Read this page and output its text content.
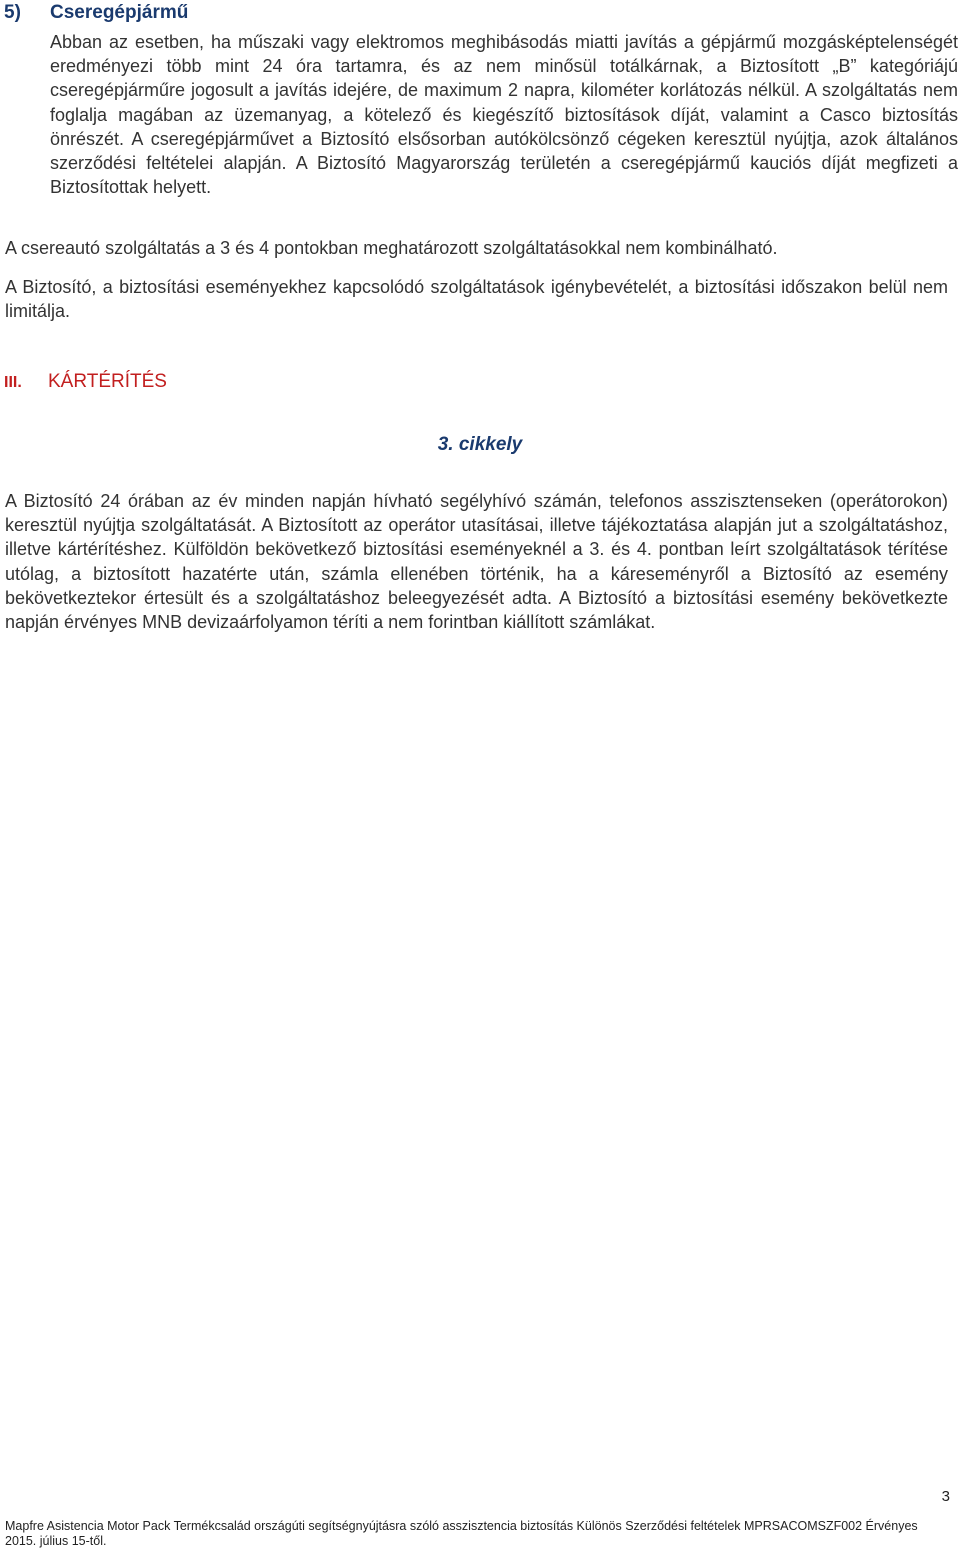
5) Cseregépjármű
Abban az esetben, ha műszaki vagy elektromos meghibásodás miatti javítás a gépjármű mozgásképtelenségét eredményezi több mint 24 óra tartamra, és az nem minősül totálkárnak, a Biztosított „B” kategóriájú cseregépjárműre jogosult a javítás idejére, de maximum 2 napra, kilométer korlátozás nélkül. A szolgáltatás nem foglalja magában az üzemanyag, a kötelező és kiegészítő biztosítások díját, valamint a Casco biztosítás önrészét. A cseregépjárművet a Biztosító elsősorban autókölcsönző cégeken keresztül nyújtja, azok általános szerződési feltételei alapján. A Biztosító Magyarország területén a cseregépjármű kauciós díját megfizeti a Biztosítottak helyett.
A csereautó szolgáltatás a 3 és 4 pontokban meghatározott szolgáltatásokkal nem kombinálható.
A Biztosító, a biztosítási eseményekhez kapcsolódó szolgáltatások igénybevételét, a biztosítási időszakon belül nem limitálja.
III. KÁRTÉRÍTÉS
3. cikkely
A Biztosító 24 órában az év minden napján hívható segélyhívó számán, telefonos asszisztenseken (operátorokon) keresztül nyújtja szolgáltatását. A Biztosított az operátor utasításai, illetve tájékoztatása alapján jut a szolgáltatáshoz, illetve kártérítéshez. Külföldön bekövetkező biztosítási eseményeknél a 3. és 4. pontban leírt szolgáltatások térítése utólag, a biztosított hazatérte után, számla ellenében történik, ha a káreseményről a Biztosító az esemény bekövetkeztekor értesült és a szolgáltatáshoz beleegyezését adta. A Biztosító a biztosítási esemény bekövetkezte napján érvényes MNB devizaárfolyamon téríti a nem forintban kiállított számlákat.
3
Mapfre Asistencia Motor Pack Termékcsalád országúti segítségnyújtásra szóló asszisztencia biztosítás Különös Szerződési feltételek MPRSACOMSZF002 Érvényes 2015. július 15-től.
